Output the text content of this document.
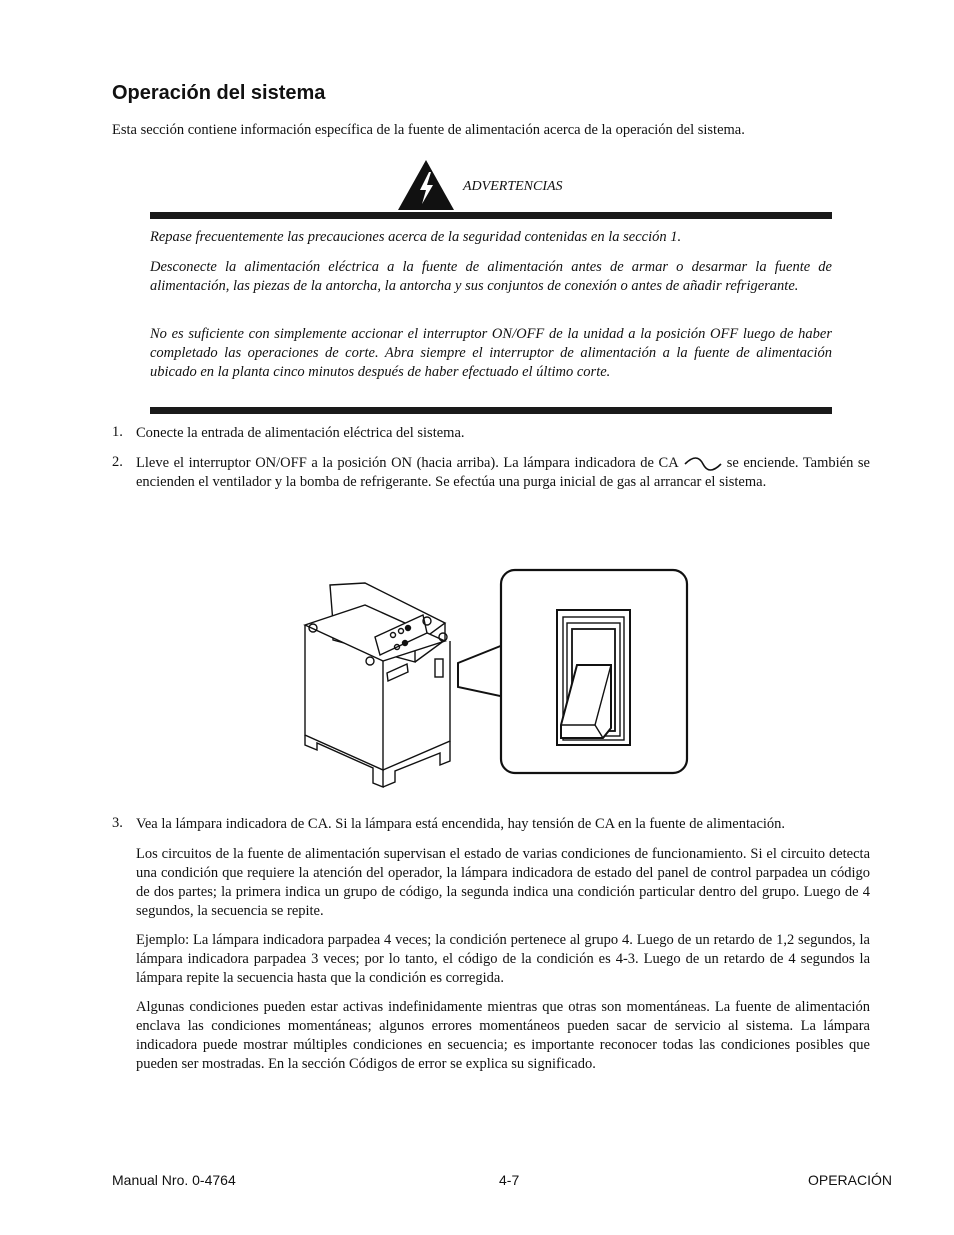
Operación del sistema
Esta sección contiene información específica de la fuente de alimentación acerca de la operación del sistema.
ADVERTENCIAS

Repase frecuentemente las precauciones acerca de la seguridad contenidas en la sección 1.

Desconecte la alimentación eléctrica a la fuente de alimentación antes de armar o desarmar la fuente de alimentación, las piezas de la antorcha, la antorcha y sus conjuntos de conexión o antes de añadir refrigerante.

No es suficiente con simplemente accionar el interruptor ON/OFF de la unidad a la posición OFF luego de haber completado las operaciones de corte. Abra siempre el interruptor de alimentación a la fuente de alimentación ubicado en la planta cinco minutos después de haber efectuado el último corte.

1. Conecte la entrada de alimentación eléctrica del sistema.

2. Lleve el interruptor ON/OFF a la posición ON (hacia arriba). La lámpara indicadora de CA	se enciende. También se encienden el ventilador y la bomba de refrigerante. Se efectúa una purga inicial de gas al arrancar el sistema.

3. Vea la lámpara indicadora de CA. Si la lámpara está encendida, hay tensión de CA en la fuente de alimentación.

Los circuitos de la fuente de alimentación supervisan el estado de varias condiciones de funcionamiento. Si el circuito detecta una condición que requiere la atención del operador, la lámpara indicadora de estado del panel de control parpadea un código de dos partes; la primera indica un grupo de código, la segunda indica una condición particular dentro del grupo. Luego de 4 segundos, la secuencia se repite.

Ejemplo: La lámpara indicadora parpadea 4 veces; la condición pertenece al grupo 4. Luego de un retardo de 1,2 segundos, la lámpara indicadora parpadea 3 veces; por lo tanto, el código de la condición es 4-3. Luego de un retardo de 4 segundos la lámpara repite la secuencia hasta que la condición es corregida.

Algunas condiciones pueden estar activas indefinidamente mientras que otras son momentáneas. La fuente de alimentación enclava las condiciones momentáneas; algunos errores momentáneos pueden sacar de servicio al sistema. La lámpara indicadora puede mostrar múltiples condiciones en secuencia; es importante reconocer todas las condiciones posibles que pueden ser mostradas. En la sección Códigos de error se explica su significado.

Manual Nro. 0-4764	4-7	OPERACIÓN
